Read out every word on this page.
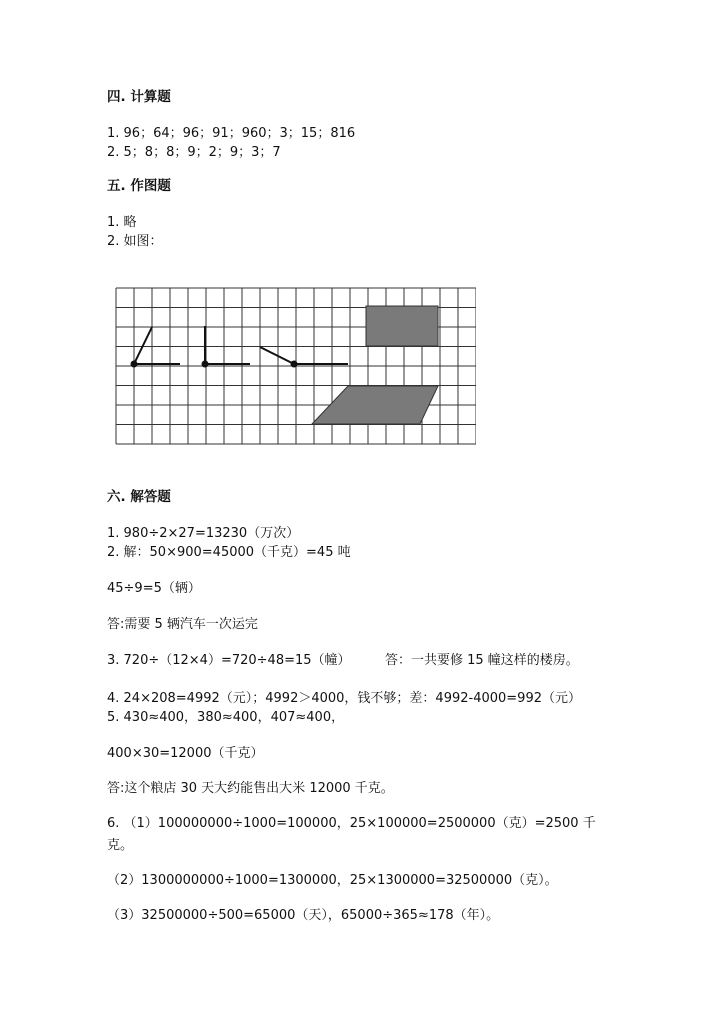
四. 计算题
1. 96；64；96；91；960；3；15；816
2. 5；8；8；9；2；9；3；7
五. 作图题
1. 略
2. 如图：
六. 解答题
1. 980÷2×27=13230（万次）
2. 解：50×900=45000（千克）=45 吨
45÷9=5（辆）
答:需要 5 辆汽车一次运完
3. 720÷（12×4）=720÷48=15（幢）	答：一共要修 15 幢这样的楼房。
4. 24×208=4992（元）；4992＞4000，钱不够；差：4992-4000=992（元）
5. 430≈400，380≈400，407≈400，
400×30=12000（千克）
答:这个粮店 30 天大约能售出大米 12000 千克。
6. （1）100000000÷1000=100000，25×100000=2500000（克）=2500 千克。
（2）1300000000÷1000=1300000，25×1300000=32500000（克）。
（3）32500000÷500=65000（天），65000÷365≈178（年）。
